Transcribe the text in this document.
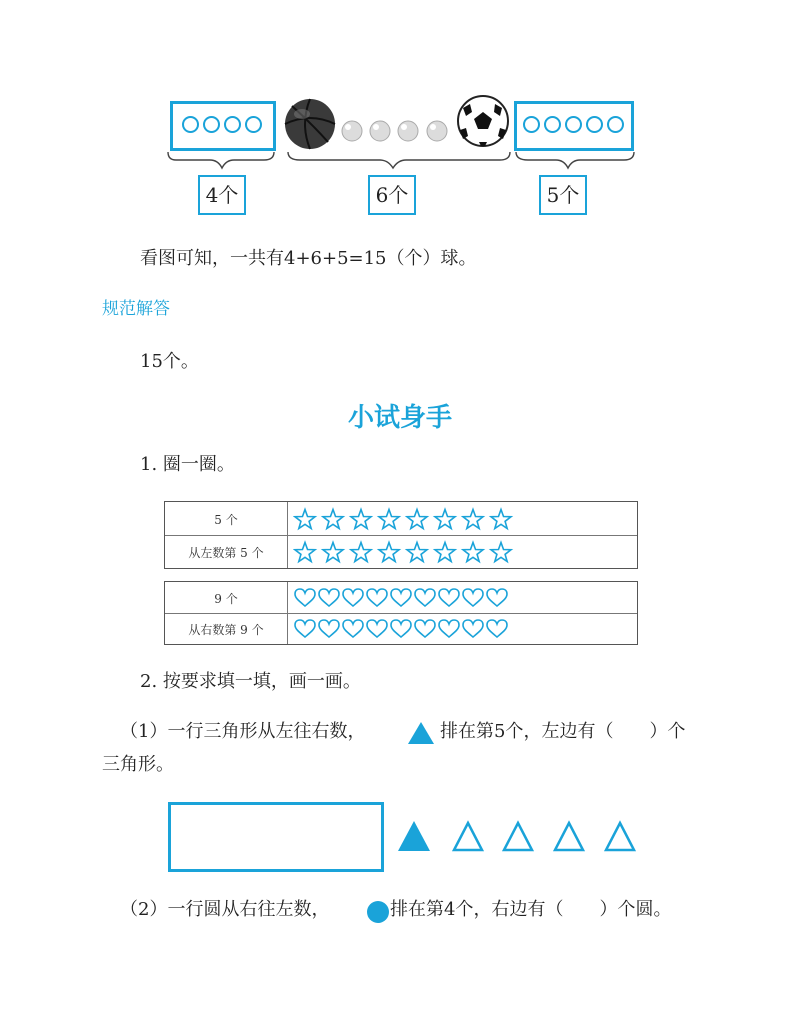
4个	6个	5个
看图可知，一共有4+6+5=15（个）球。
规范解答
15个。
小试身手
1. 圈一圈。
5 个
从左数第 5 个
9 个
从右数第 9 个
2. 按要求填一填，画一画。
（1）一行三角形从左往右数，	排在第5个，左边有（　　）个
三角形。
（2）一行圆从右往左数，	排在第4个，右边有（　　）个圆。
